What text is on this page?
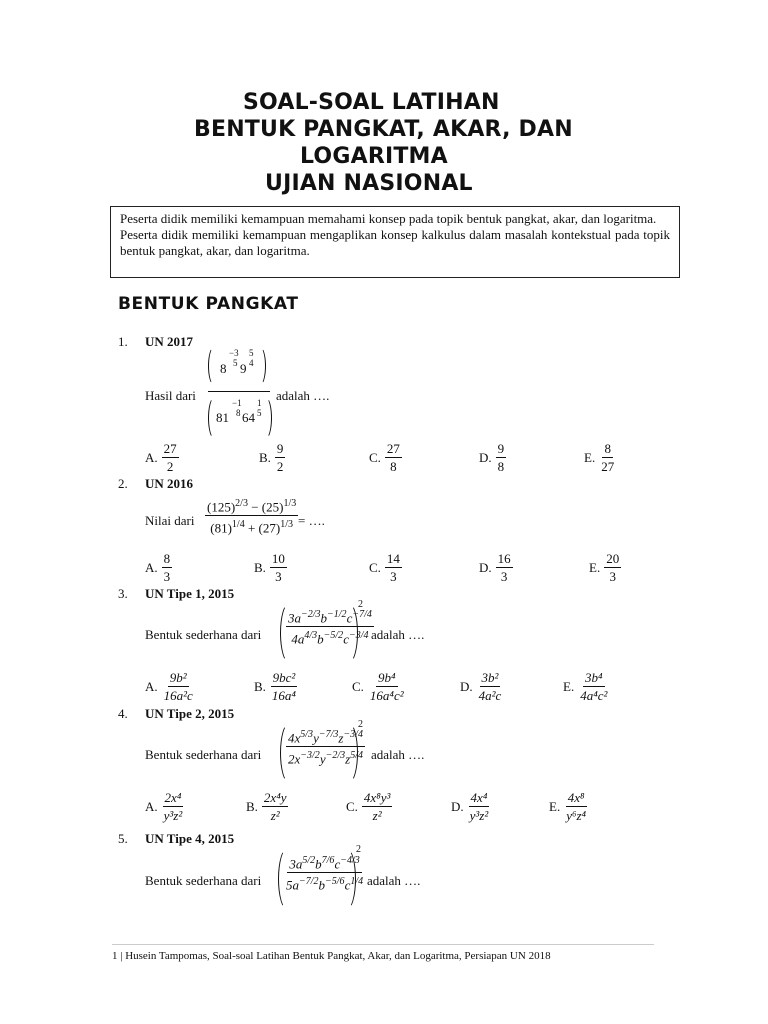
SOAL-SOAL LATIHAN
BENTUK PANGKAT, AKAR, DAN
LOGARITMA
UJIAN NASIONAL

Peserta didik memiliki kemampuan memahami konsep pada topik bentuk pangkat, akar, dan logaritma.

Peserta didik memiliki kemampuan mengaplikan konsep kalkulus dalam masalah kontekstual pada topik bentuk pangkat, akar, dan logaritma.

BENTUK PANGKAT
1. UN 2017
Hasil dari
8
−3
5 9
5
4
81
−1
8 64
1
5
adalah ….
A. $\frac{27}{2}$	B. $\frac{9}{2}$	C. $\frac{27}{8}$	D. $\frac{9}{8}$	E. $\frac{8}{27}$
2. UN 2016
Nilai dari $\frac{(125)^{2/3} - (25)^{1/3}}{(81)^{1/4} + (27)^{1/3}}$ = ….
A. $\frac{8}{3}$	B. $\frac{10}{3}$	C. $\frac{14}{3}$	D. $\frac{16}{3}$	E. $\frac{20}{3}$
3. UN Tipe 1, 2015
Bentuk sederhana dari $\frac{3a^{-2/3}b^{-1/2}c^{-7/4}}{4a^{4/3}b^{-5/2}c^{-3/4}}$
2
adalah ….
A. $\frac{\text{9b²}}{\text{16a²c}}$	B. $\frac{\text{9bc²}}{\text{16a⁴}}$	C. $\frac{\text{9b⁴}}{\text{16a⁴c²}}$	D. $\frac{\text{3b²}}{\text{4a²c}}$	E. $\frac{\text{3b⁴}}{\text{4a⁴c²}}$
4. UN Tipe 2, 2015
Bentuk sederhana dari $\frac{4x^{5/3}y^{-7/3}z^{-3/4}}{2x^{-3/2}y^{-2/3}z^{5/4}}$
2
adalah ….
A. $\frac{\text{2x⁴}}{\text{y³z²}}$	B. $\frac{\text{2x⁴y}}{\text{z²}}$	C. $\frac{\text{4x⁸y³}}{\text{z²}}$	D. $\frac{\text{4x⁴}}{\text{y³z²}}$	E. $\frac{\text{4x⁸}}{\text{y⁶z⁴}}$
5. UN Tipe 4, 2015
Bentuk sederhana dari $\frac{3a^{5/2}b^{7/6}c^{-4/3}}{5a^{-7/2}b^{-5/6}c^{1/4}}$
2
adalah ….
1 | Husein Tampomas, Soal-soal Latihan Bentuk Pangkat, Akar, dan Logaritma, Persiapan UN 2018
